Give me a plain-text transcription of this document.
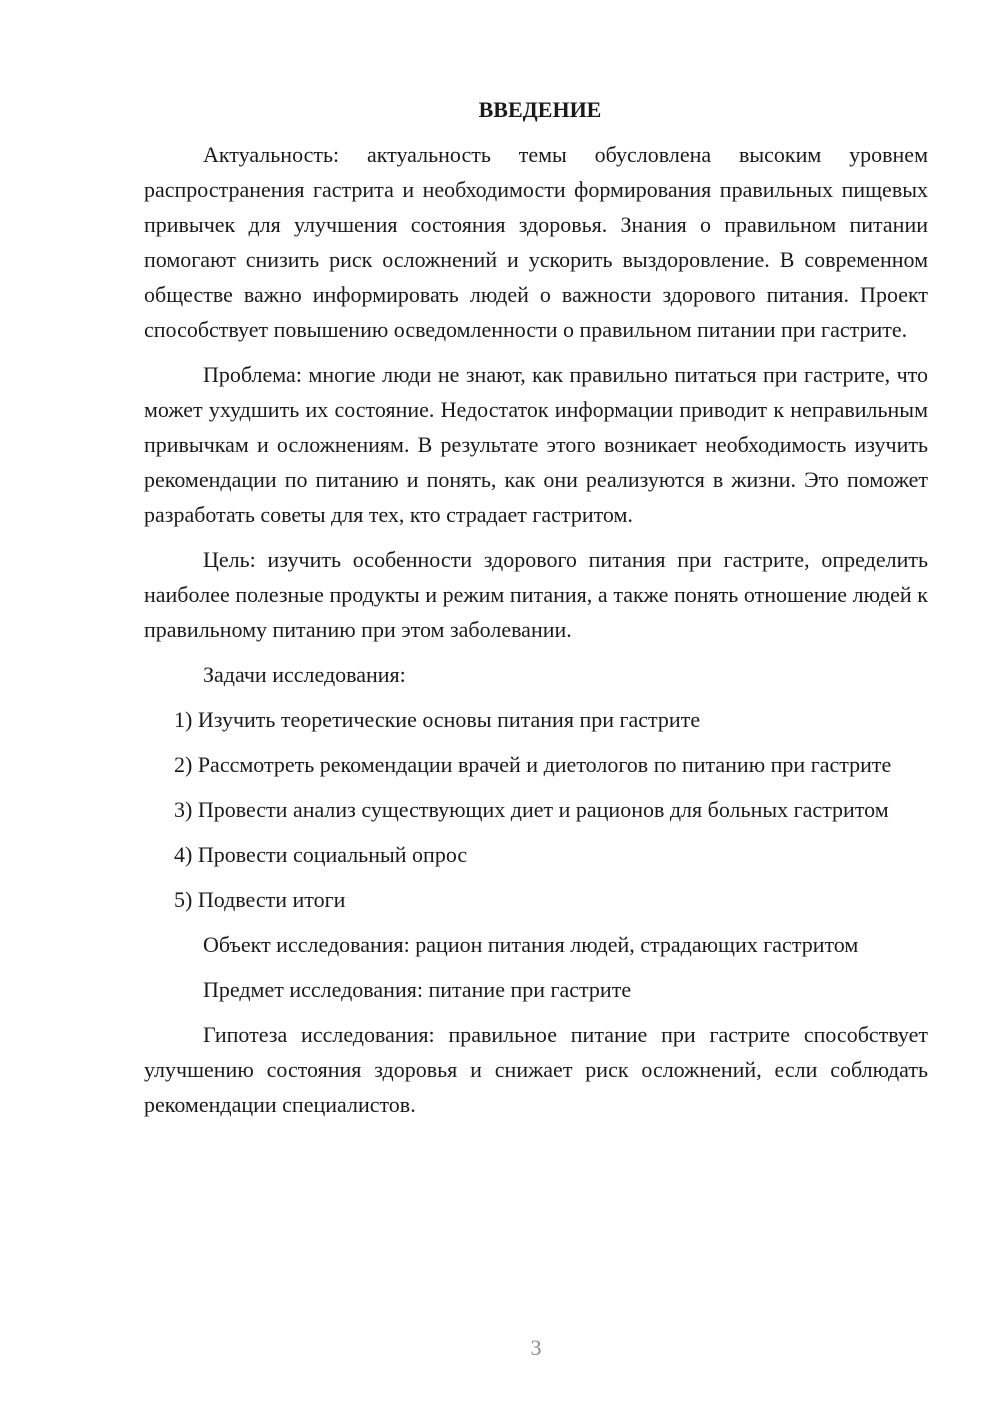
ВВЕДЕНИЕ

Актуальность: актуальность темы обусловлена высоким уровнем распространения гастрита и необходимости формирования правильных пищевых привычек для улучшения состояния здоровья. Знания о правильном питании помогают снизить риск осложнений и ускорить выздоровление. В современном обществе важно информировать людей о важности здорового питания. Проект способствует повышению осведомленности о правильном питании при гастрите.

Проблема: многие люди не знают, как правильно питаться при гастрите, что может ухудшить их состояние. Недостаток информации приводит к неправильным привычкам и осложнениям. В результате этого возникает необходимость изучить рекомендации по питанию и понять, как они реализуются в жизни. Это поможет разработать советы для тех, кто страдает гастритом.

Цель: изучить особенности здорового питания при гастрите, определить наиболее полезные продукты и режим питания, а также понять отношение людей к правильному питанию при этом заболевании.

Задачи исследования:

1) Изучить теоретические основы питания при гастрите

2) Рассмотреть рекомендации врачей и диетологов по питанию при гастрите

3) Провести анализ существующих диет и рационов для больных гастритом

4) Провести социальный опрос

5) Подвести итоги

Объект исследования: рацион питания людей, страдающих гастритом

Предмет исследования: питание при гастрите

Гипотеза исследования: правильное питание при гастрите способствует улучшению состояния здоровья и снижает риск осложнений, если соблюдать рекомендации специалистов.

3
